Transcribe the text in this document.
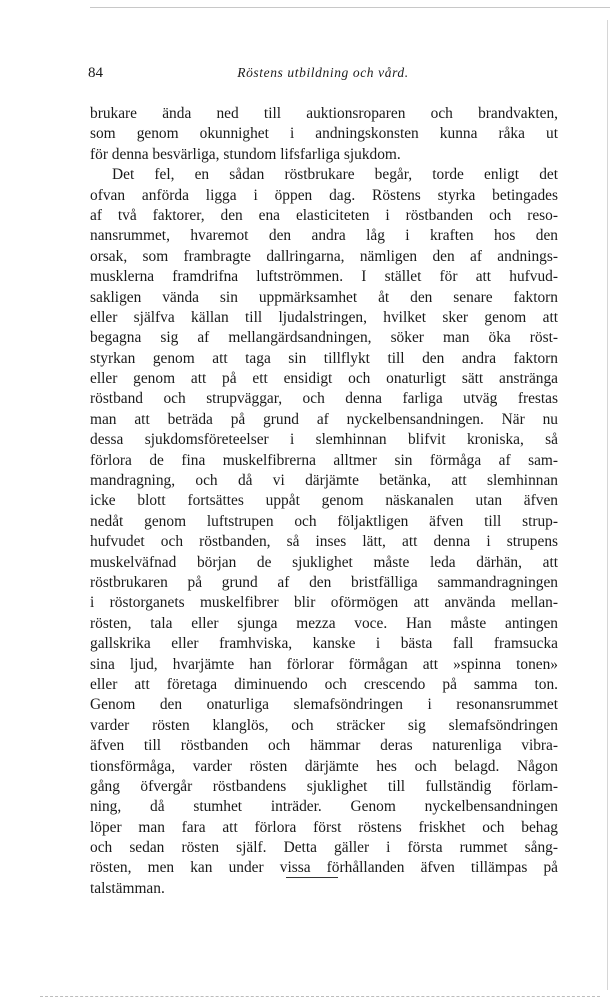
84	Röstens utbildning och vård.
brukare ända ned till auktionsroparen och brandvakten,
som genom okunnighet i andningskonsten kunna råka ut
för denna besvärliga, stundom lifsfarliga sjukdom.
Det fel, en sådan röstbrukare begår, torde enligt det
ofvan anförda ligga i öppen dag. Röstens styrka betingades
af två faktorer, den ena elasticiteten i röstbanden och reso-
nansrummet, hvaremot den andra låg i kraften hos den
orsak, som frambragte dallringarna, nämligen den af andnings-
musklerna framdrifna luftströmmen. I stället för att hufvud-
sakligen vända sin uppmärksamhet åt den senare faktorn
eller själfva källan till ljudalstringen, hvilket sker genom att
begagna sig af mellangärdsandningen, söker man öka röst-
styrkan genom att taga sin tillflykt till den andra faktorn
eller genom att på ett ensidigt och onaturligt sätt anstränga
röstband och strupväggar, och denna farliga utväg frestas
man att beträda på grund af nyckelbensandningen. När nu
dessa sjukdomsföreteelser i slemhinnan blifvit kroniska, så
förlora de fina muskelfibrerna alltmer sin förmåga af sam-
mandragning, och då vi därjämte betänka, att slemhinnan
icke blott fortsättes uppåt genom näskanalen utan äfven
nedåt genom luftstrupen och följaktligen äfven till strup-
hufvudet och röstbanden, så inses lätt, att denna i strupens
muskelväfnad början de sjuklighet måste leda därhän, att
röstbrukaren på grund af den bristfälliga sammandragningen
i röstorganets muskelfibrer blir oförmögen att använda mellan-
rösten, tala eller sjunga mezza voce. Han måste antingen
gallskrika eller framhviska, kanske i bästa fall framsucka
sina ljud, hvarjämte han förlorar förmågan att »spinna tonen»
eller att företaga diminuendo och crescendo på samma ton.
Genom den onaturliga slemafsöndringen i resonansrummet
varder rösten klanglös, och sträcker sig slemafsöndringen
äfven till röstbanden och hämmar deras naturenliga vibra-
tionsförmåga, varder rösten därjämte hes och belagd. Någon
gång öfvergår röstbandens sjuklighet till fullständig förlam-
ning, då stumhet inträder. Genom nyckelbensandningen
löper man fara att förlora först röstens friskhet och behag
och sedan rösten själf. Detta gäller i första rummet sång-
rösten, men kan under vissa förhållanden äfven tillämpas på
talstämman.
